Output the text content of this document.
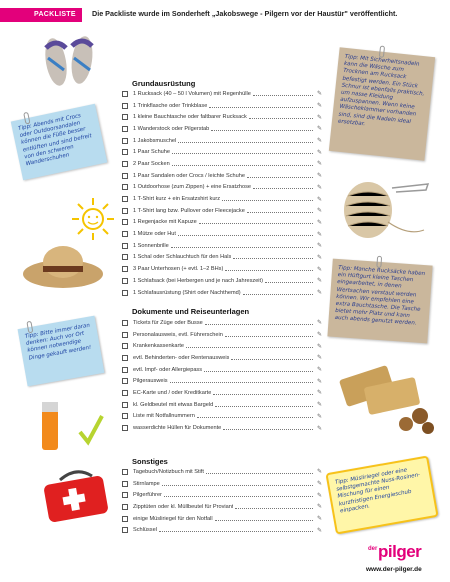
PACKLISTE	Die Packliste wurde im Sonderheft „Jakobswege - Pilgern vor der Haustür" veröffentlicht.
Grundausrüstung
Dokumente und Reiseunterlagen
Sonstiges
1 Rucksack (40 – 50 l Volumen) mit Regenhülle	✎
1 Trinkflasche oder Trinkblase	✎
1 kleine Bauchtasche oder faltbarer Rucksack	✎
1 Wanderstock oder Pilgerstab	✎
1 Jakobsmuschel	✎
1 Paar Schuhe	✎
2 Paar Socken	✎
1 Paar Sandalen oder Crocs / leichte Schuhe	✎
1 Outdoorhose (zum Zippen) + eine Ersatzhose	✎
1 T-Shirt kurz + ein Ersatzshirt kurz	✎
1 T-Shirt lang bzw. Pullover oder Fleecejacke	✎
1 Regenjacke mit Kapuze	✎
1 Mütze oder Hut	✎
1 Sonnenbrille	✎
1 Schal oder Schlauchtuch für den Hals	✎
3 Paar Unterhosen (+ evtl. 1–2 BHs)	✎
1 Schlafsack (bei Herbergen und je nach Jahreszeit)	✎
1 Schlafausrüstung (Shirt oder Nachthemd)	✎
Tickets für Züge oder Busse	✎
Personalausweis, evtl. Führerschein	✎
Krankenkassenkarte	✎
evtl. Behinderten- oder Rentenausweis	✎
evtl. Impf- oder Allergiepass	✎
Pilgerausweis	✎
EC-Karte und / oder Kreditkarte	✎
kl. Geldbeutel mit etwas Bargeld	✎
Liste mit Notfallnummern	✎
wasserdichte Hüllen für Dokumente	✎
Tagebuch/Notizbuch mit Stift	✎
Stirnlampe	✎
Pilgerführer	✎
Zipptüten oder kl. Müllbeutel für Proviant	✎
einige Müsliriegel für den Notfall	✎
Schlüssel	✎
Tipp: Abends mit Crocs oder Outdoorsandalen können die Füße besser entlüften und sind befreit von den schweren Wanderschuhen
Tipp: Bitte immer daran denken: Auch vor Ort können notwendige Dinge gekauft werden!
Tipp: Mit Sicherheitsnadeln kann die Wäsche zum Trocknen am Rucksack befestigt werden. Ein Stück Schnur ist ebenfalls praktisch, um nasse Kleidung aufzuspannen. Wenn keine Wäscheklammer vorhanden sind, sind die Nadeln ideal ersetzbar.
Tipp: Manche Rucksäcke haben ein Hüftgurt kleine Taschen eingearbeitet, in denen Wertsachen verstaut werden können. Wir empfehlen eine extra Bauchtasche. Die Tasche bietet mehr Platz und kann auch abends genutzt werden.
Tipp: Müsliriegel oder eine selbstgemachte Nuss-Rosinen-Mischung für einen kurzfristigen Energieschub einpacken.
der pilger
www.der-pilger.de
